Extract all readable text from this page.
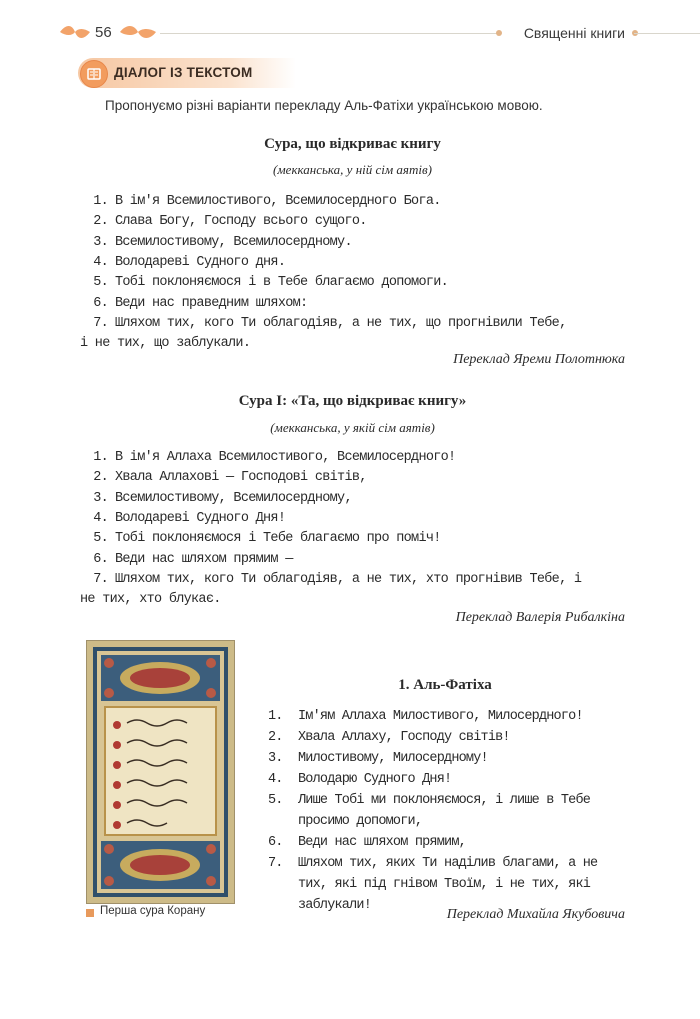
56	Священні книги
ДІАЛОГ ІЗ ТЕКСТОМ
Пропонуємо різні варіанти перекладу Аль-Фатіхи українською мовою.
Сура, що відкриває книгу
(мекканська, у ній сім аятів)
1. В ім'я Всемилостивого, Всемилосердного Бога.
2. Слава Богу, Господу всього сущого.
3. Всемилостивому, Всемилосердному.
4. Володареві Судного дня.
5. Тобі поклоняємося і в Тебе благаємо допомоги.
6. Веди нас праведним шляхом:
7. Шляхом тих, кого Ти облагодіяв, а не тих, що прогнівили Тебе,
і не тих, що заблукали.
Переклад Яреми Полотнюка
Сура I: «Та, що відкриває книгу»
(мекканська, у якій сім аятів)
1. В ім'я Аллаха Всемилостивого, Всемилосердного!
2. Хвала Аллахові — Господові світів,
3. Всемилостивому, Всемилосердному,
4. Володареві Судного Дня!
5. Тобі поклоняємося і Тебе благаємо про поміч!
6. Веди нас шляхом прямим —
7. Шляхом тих, кого Ти облагодіяв, а не тих, хто прогнівив Тебе, і
не тих, хто блукає.
Переклад Валерія Рибалкіна
Перша сура Корану
1. Аль-Фатіха
1. Ім'ям Аллаха Милостивого, Милосердного!
2. Хвала Аллаху, Господу світів!
3. Милостивому, Милосердному!
4. Володарю Судного Дня!
5. Лише Тобі ми поклоняємося, і лише в Тебе просимо допомоги,
6. Веди нас шляхом прямим,
7. Шляхом тих, яких Ти наділив благами, а не тих, які під гнівом Твоїм, і не тих, які заблукали!
Переклад Михайла Якубовича
